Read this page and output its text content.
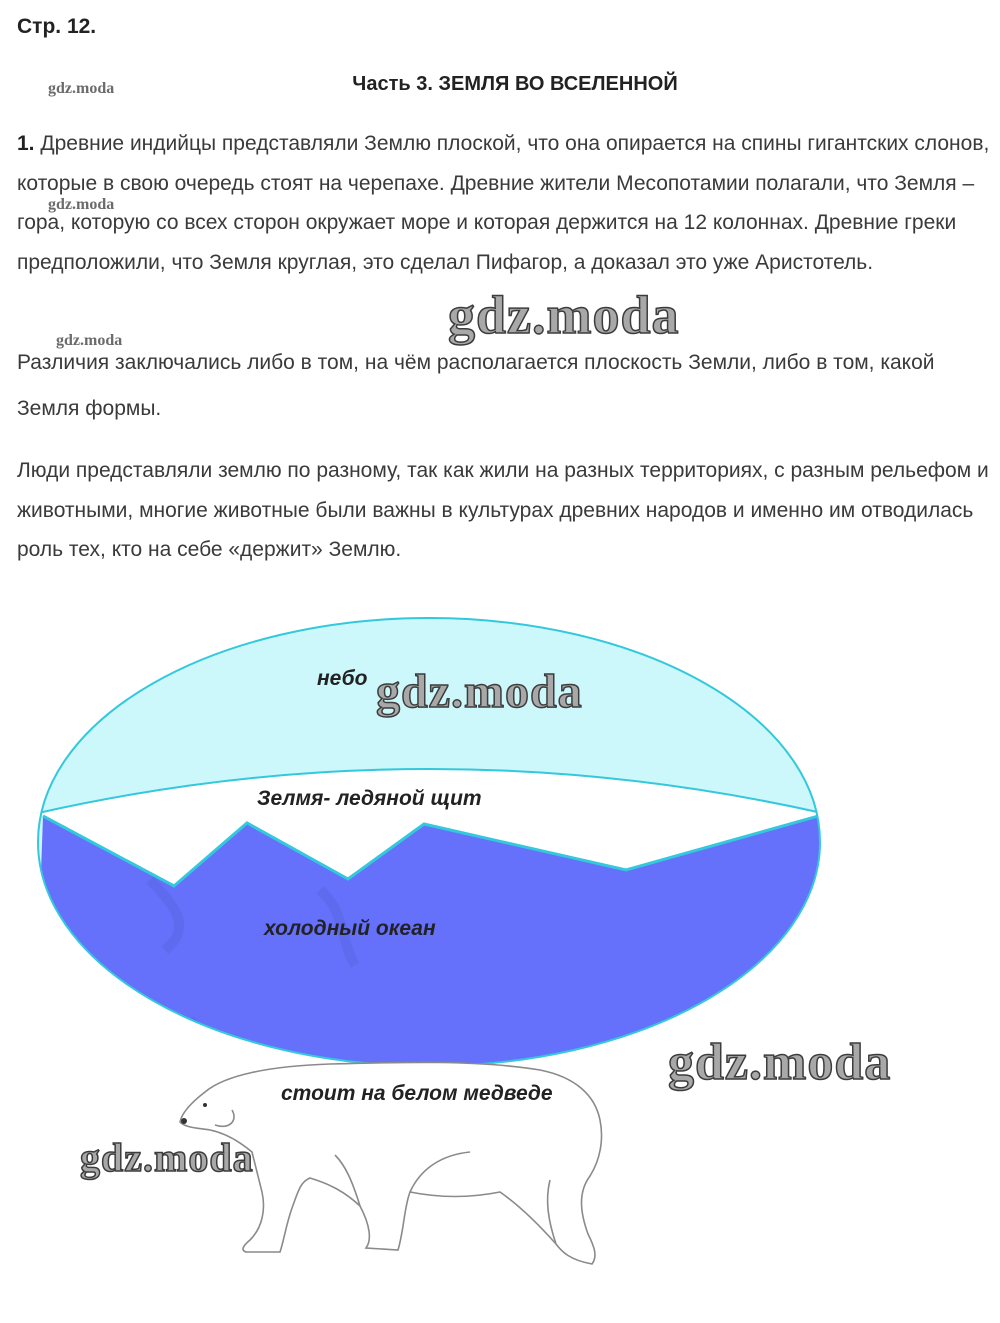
Стр. 12.
Часть 3. ЗЕМЛЯ ВО ВСЕЛЕННОЙ
gdz.moda
gdz.moda
gdz.moda

1. Древние индийцы представляли Землю плоской, что она опирается на спины гигантских слонов, которые в свою очередь стоят на черепахе. Древние жители Месопотамии полагали, что Земля – гора, которую со всех сторон окружает море и которая держится на 12 колоннах. Древние греки предположили, что Земля круглая, это сделал Пифагор, а доказал это уже Аристотель.

gdz.moda

Различия заключались либо в том, на чём располагается плоскость Земли, либо в том, какой Земля формы.

Люди представляли землю по разному, так как жили на разных территориях, с разным рельефом и животными, многие животные были важны в культурах древних народов и именно им отводилась роль тех, кто на себе «держит» Землю.

небо
Зелмя- ледяной щит
холодный океан
стоит на белом медведе
gdz.moda
gdz.moda
gdz.moda
